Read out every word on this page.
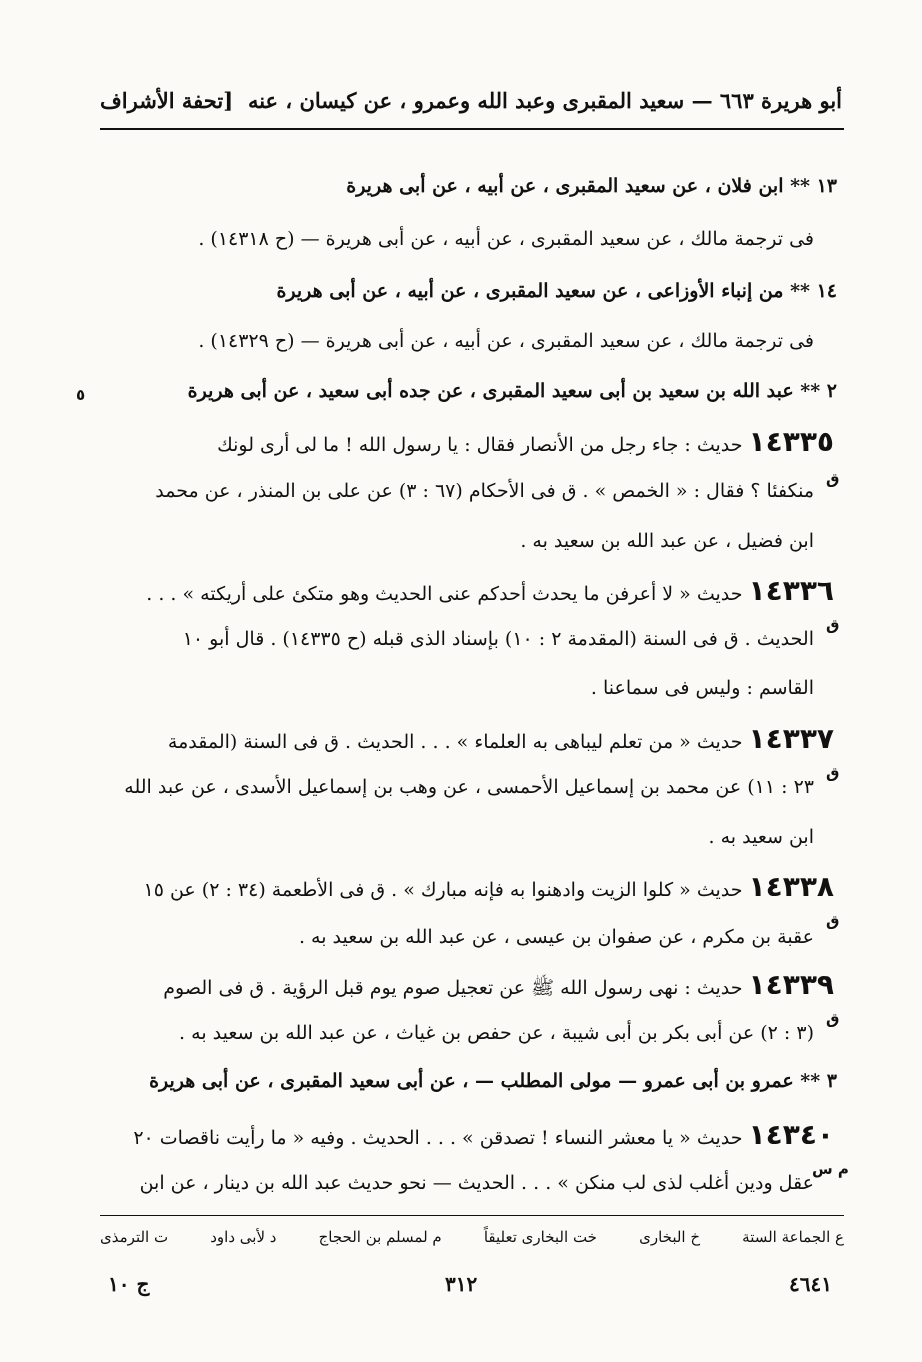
أبو هريرة ٦٦٣ — سعيد المقبرى وعبد الله وعمرو ، عن كيسان ، عنه
[تحفة الأشراف
١٣ ** ابن فلان ، عن سعيد المقبرى ، عن أبيه ، عن أبى هريرة
فى ترجمة مالك ، عن سعيد المقبرى ، عن أبيه ، عن أبى هريرة — (ح ١٤٣١٨) .
١٤ ** من إنباء الأوزاعى ، عن سعيد المقبرى ، عن أبيه ، عن أبى هريرة
فى ترجمة مالك ، عن سعيد المقبرى ، عن أبيه ، عن أبى هريرة — (ح ١٤٣٢٩) .
٢ ** عبد الله بن سعيد بن أبى سعيد المقبرى ، عن جده أبى سعيد ، عن أبى هريرة
١٤٣٣٥ حديث : جاء رجل من الأنصار فقال : يا رسول الله ! ما لى أرى لونك
منكفئا ؟ فقال : « الخمص » . ق فى الأحكام (٦٧ : ٣) عن على بن المنذر ، عن محمد
ابن فضيل ، عن عبد الله بن سعيد به .
١٤٣٣٦ حديث « لا أعرفن ما يحدث أحدكم عنى الحديث وهو متكئ على أريكته » . . .
الحديث . ق فى السنة (المقدمة ٢ : ١٠) بإسناد الذى قبله (ح ١٤٣٣٥) . قال أبو ١٠
القاسم : وليس فى سماعنا .
١٤٣٣٧ حديث « من تعلم ليباهى به العلماء » . . . الحديث . ق فى السنة (المقدمة
٢٣ : ١١) عن محمد بن إسماعيل الأحمسى ، عن وهب بن إسماعيل الأسدى ، عن عبد الله
ابن سعيد به .
١٤٣٣٨ حديث « كلوا الزيت وادهنوا به فإنه مبارك » . ق فى الأطعمة (٣٤ : ٢) عن ١٥
عقبة بن مكرم ، عن صفوان بن عيسى ، عن عبد الله بن سعيد به .
١٤٣٣٩ حديث : نهى رسول الله ﷺ عن تعجيل صوم يوم قبل الرؤية . ق فى الصوم
(٣ : ٢) عن أبى بكر بن أبى شيبة ، عن حفص بن غياث ، عن عبد الله بن سعيد به .
٣ ** عمرو بن أبى عمرو — مولى المطلب — ، عن أبى سعيد المقبرى ، عن أبى هريرة
١٤٣٤٠ حديث « يا معشر النساء ! تصدقن » . . . الحديث . وفيه « ما رأيت ناقصات ٢٠
عقل ودين أغلب لذى لب منكن » . . . الحديث — نحو حديث عبد الله بن دينار ، عن ابن
٥
ق
ق
ق
ق
ق
م س
ع الجماعة الستة
خ البخارى
خت البخارى تعليقاً
م لمسلم بن الحجاج
د لأبى داود
ت الترمذى
٤٦٤١
٣١٢
ج ١٠
